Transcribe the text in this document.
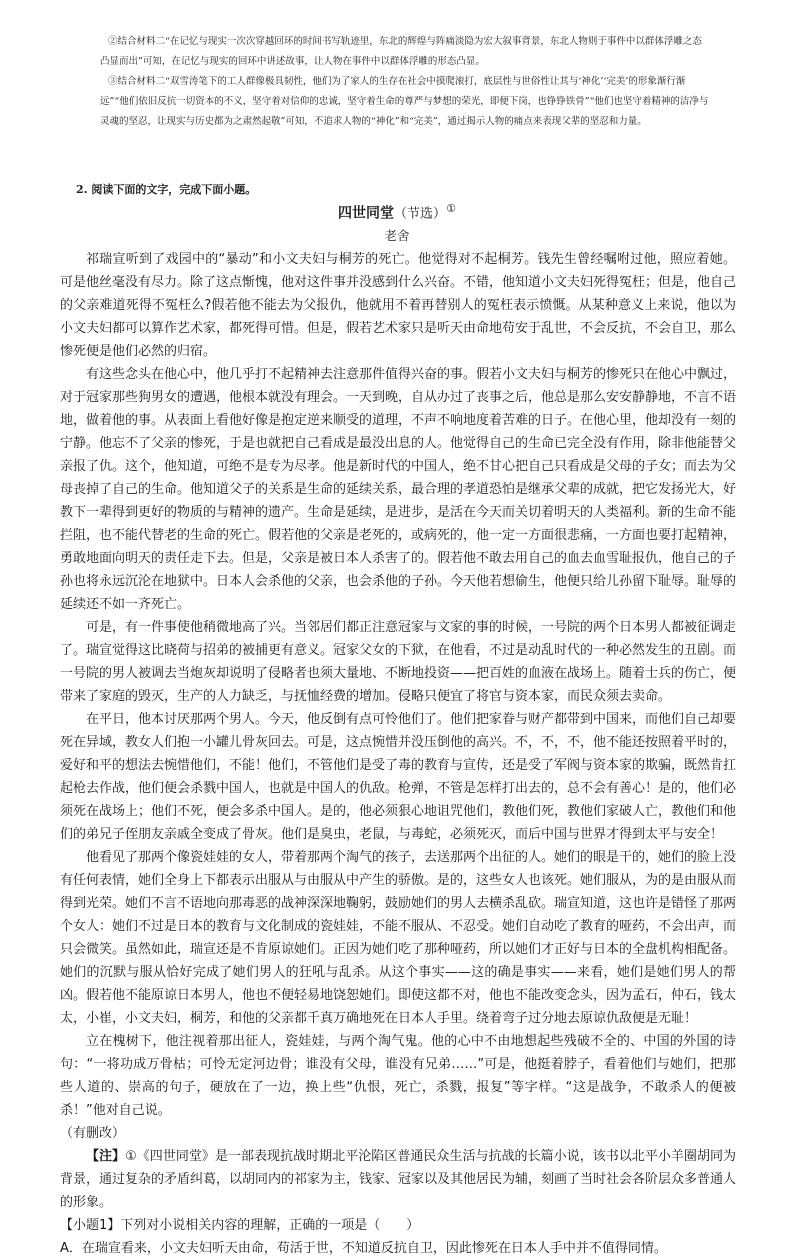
②结合材料二“在记忆与现实一次次穿越回环的时间书写轨迹里，东北的辉煌与阵痛淡隐为宏大叙事背景，东北人物则于事件中以群体浮雕之态凸显而出”可知，在记忆与现实的回环中讲述故事，让人物在事件中以群体浮雕的形态凸显。

③结合材料二“双雪涛笔下的工人群像极具韧性，他们为了家人的生存在社会中摸爬滚打，底层性与世俗性让其与‘神化’‘完美’的形象渐行渐远”“他们依旧反抗一切资本的不义，坚守着对信仰的忠诚，坚守着生命的尊严与梦想的荣光，即便下岗，也铮铮铁骨”“他们也坚守着精神的洁净与灵魂的坚忍，让现实与历史都为之肃然起敬”可知，不追求人物的“神化”和“完美”，通过揭示人物的痛点来表现父辈的坚忍和力量。

2. 阅读下面的文字，完成下面小题。
四世同堂（节选）①
老舍

祁瑞宣听到了戏园中的“暴动”和小文夫妇与桐芳的死亡。他觉得对不起桐芳。钱先生曾经嘱咐过他，照应着她。可是他丝毫没有尽力。除了这点惭愧，他对这件事并没感到什么兴奋。不错，他知道小文夫妇死得冤枉；但是，他自己的父亲难道死得不冤枉么?假若他不能去为父报仇，他就用不着再替别人的冤枉表示愤慨。从某种意义上来说，他以为小文夫妇都可以算作艺术家，都死得可惜。但是，假若艺术家只是听天由命地苟安于乱世，不会反抗，不会自卫，那么惨死便是他们必然的归宿。

有这些念头在他心中，他几乎打不起精神去注意那件值得兴奋的事。假若小文夫妇与桐芳的惨死只在他心中飘过，对于冠家那些狗男女的遭遇，他根本就没有理会。一天到晚，自从办过了丧事之后，他总是那么安安静静地，不言不语地，做着他的事。从表面上看他好像是抱定逆来顺受的道理，不声不响地度着苦难的日子。在他心里，他却没有一刻的宁静。他忘不了父亲的惨死，于是也就把自己看成是最没出息的人。他觉得自己的生命已完全没有作用，除非他能替父亲报了仇。这个，他知道，可绝不是专为尽孝。他是新时代的中国人，绝不甘心把自己只看成是父母的子女；而去为父母丧掉了自己的生命。他知道父子的关系是生命的延续关系，最合理的孝道恐怕是继承父辈的成就，把它发扬光大，好教下一辈得到更好的物质的与精神的遗产。生命是延续，是进步，是活在今天而关切着明天的人类福利。新的生命不能拦阻，也不能代替老的生命的死亡。假若他的父亲是老死的，或病死的，他一定一方面很悲痛，一方面也要打起精神，勇敢地面向明天的责任走下去。但是，父亲是被日本人杀害了的。假若他不敢去用自己的血去血雪耻报仇，他自己的子孙也将永远沉沦在地狱中。日本人会杀他的父亲，也会杀他的子孙。今天他若想偷生，他便只给儿孙留下耻辱。耻辱的延续还不如一齐死亡。

可是，有一件事使他稍微地高了兴。当邻居们都正注意冠家与文家的事的时候，一号院的两个日本男人都被征调走了。瑞宣觉得这比晓荷与招弟的被捕更有意义。冠家父女的下狱，在他看，不过是动乱时代的一种必然发生的丑剧。而一号院的男人被调去当炮灰却说明了侵略者也须大量地、不断地投资——把百姓的血液在战场上。随着士兵的伤亡，便带来了家庭的毁灭，生产的人力缺乏，与抚恤经费的增加。侵略只便宜了将官与资本家，而民众须去卖命。

在平日，他本讨厌那两个男人。今天，他反倒有点可怜他们了。他们把家眷与财产都带到中国来，而他们自己却要死在异域，教女人们抱一小罐儿骨灰回去。可是，这点惋惜并没压倒他的高兴。不，不，不，他不能还按照着平时的，爱好和平的想法去惋惜他们，不能！他们，不管他们是受了毒的教育与宣传，还是受了军阀与资本家的欺骗，既然肯扛起枪去作战，他们便会杀戮中国人，也就是中国人的仇敌。枪弹，不管是怎样打出去的，总不会有善心！是的，他们必须死在战场上；他们不死，便会多杀中国人。是的，他必须狠心地诅咒他们，教他们死，教他们家破人亡，教他们和他们的弟兄子侄朋友亲戚全变成了骨灰。他们是臭虫，老鼠，与毒蛇，必须死灭，而后中国与世界才得到太平与安全！

他看见了那两个像瓷娃娃的女人，带着那两个淘气的孩子，去送那两个出征的人。她们的眼是干的，她们的脸上没有任何表情，她们全身上下都表示出服从与由服从中产生的骄傲。是的，这些女人也该死。她们服从，为的是由服从而得到光荣。她们不言不语地向那毒恶的战神深深地鞠躬，鼓励她们的男人去横杀乱砍。瑞宣知道，这也许是错怪了那两个女人：她们不过是日本的教育与文化制成的瓷娃娃，不能不服从、不忍受。她们自动吃了教育的哑药，不会出声，而只会微笑。虽然如此，瑞宣还是不肯原谅她们。正因为她们吃了那种哑药，所以她们才正好与日本的全盘机构相配备。她们的沉默与服从恰好完成了她们男人的狂吼与乱杀。从这个事实——这的确是事实——来看，她们是她们男人的帮凶。假若他不能原谅日本男人，他也不便轻易地饶恕她们。即使这都不对，他也不能改变念头，因为孟石，仲石，钱太太，小崔，小文夫妇，桐芳，和他的父亲都千真万确地死在日本人手里。绕着弯子过分地去原谅仇敌便是无耻！

立在槐树下，他注视着那出征人，瓷娃娃，与两个淘气鬼。他的心中不由地想起些残破不全的、中国的外国的诗句：“一将功成万骨枯；可怜无定河边骨；谁没有父母，谁没有兄弟……”可是，他挺着脖子，看着他们与她们，把那些人道的、崇高的句子，硬放在了一边，换上些“仇恨，死亡，杀戮，报复”等字样。“这是战争，不敢杀人的便被杀！”他对自己说。

（有删改）

【注】①《四世同堂》是一部表现抗战时期北平沦陷区普通民众生活与抗战的长篇小说，该书以北平小羊圈胡同为背景，通过复杂的矛盾纠葛，以胡同内的祁家为主，钱家、冠家以及其他居民为辅，刻画了当时社会各阶层众多普通人的形象。

【小题1】下列对小说相关内容的理解，正确的一项是（　　）

A．在瑞宣看来，小文夫妇听天由命，苟活于世，不知道反抗自卫，因此惨死在日本人手中并不值得同情。
